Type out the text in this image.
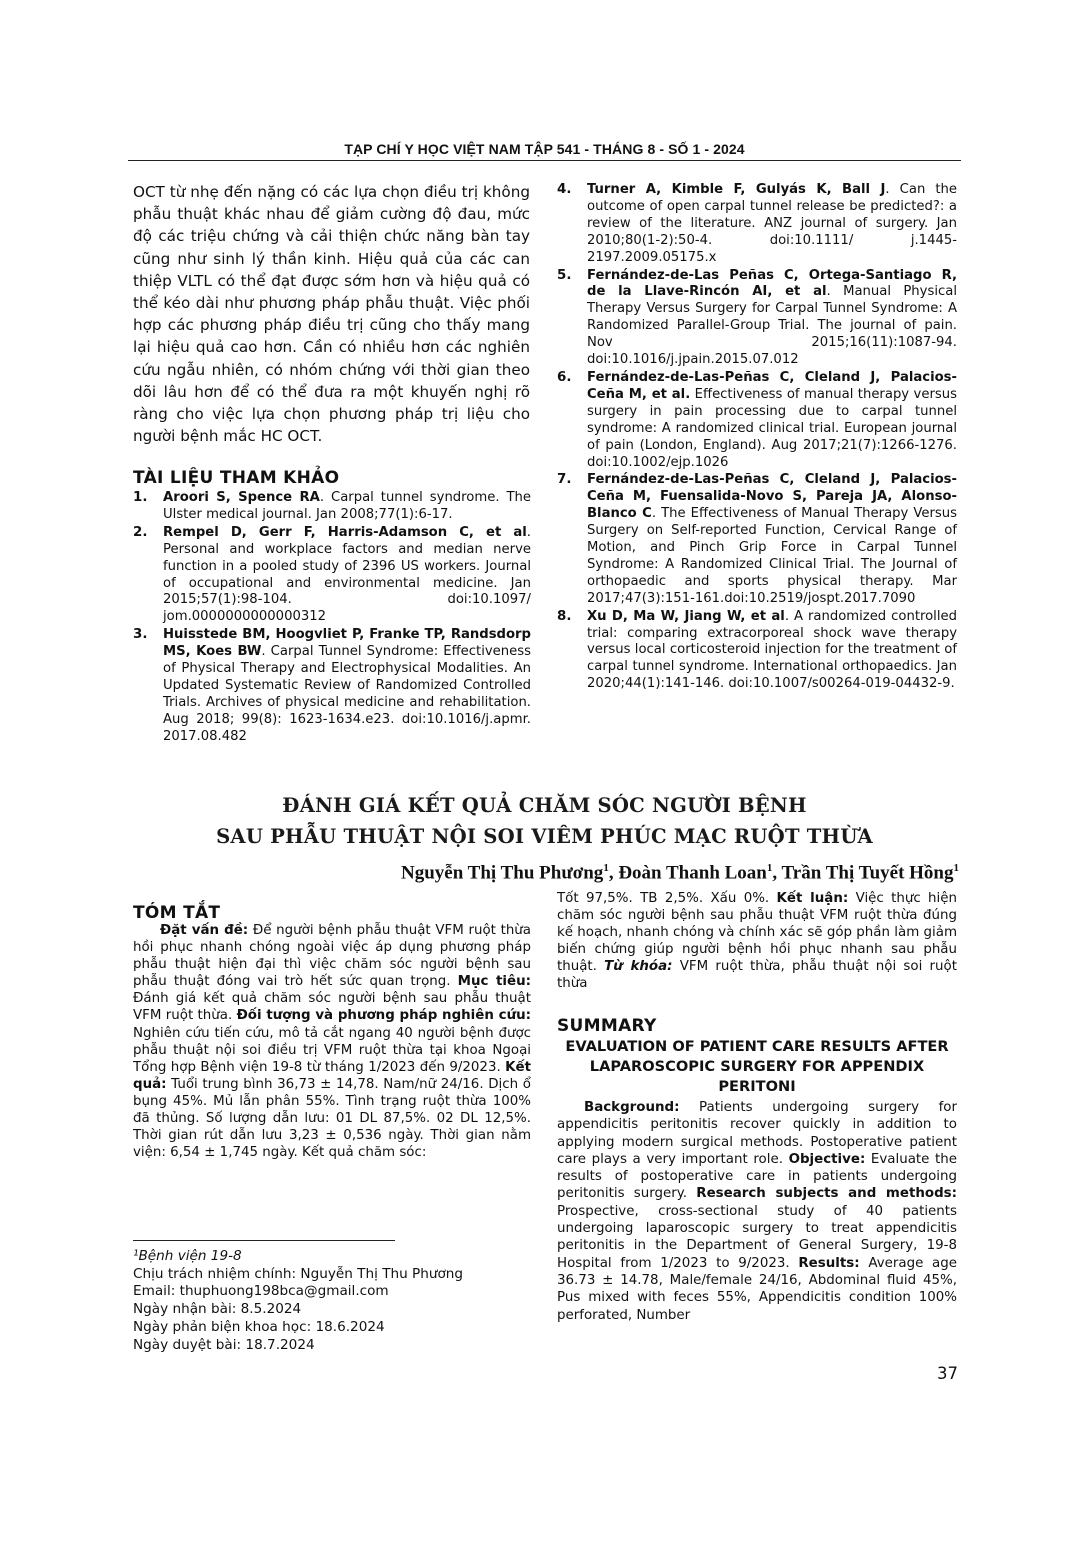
TẠP CHÍ Y HỌC VIỆT NAM TẬP 541 - THÁNG 8 - SỐ 1 - 2024
OCT từ nhẹ đến nặng có các lựa chọn điều trị không phẫu thuật khác nhau để giảm cường độ đau, mức độ các triệu chứng và cải thiện chức năng bàn tay cũng như sinh lý thần kinh. Hiệu quả của các can thiệp VLTL có thể đạt được sớm hơn và hiệu quả có thể kéo dài như phương pháp phẫu thuật. Việc phối hợp các phương pháp điều trị cũng cho thấy mang lại hiệu quả cao hơn. Cần có nhiều hơn các nghiên cứu ngẫu nhiên, có nhóm chứng với thời gian theo dõi lâu hơn để có thể đưa ra một khuyến nghị rõ ràng cho việc lựa chọn phương pháp trị liệu cho người bệnh mắc HC OCT.
TÀI LIỆU THAM KHẢO
1. Aroori S, Spence RA. Carpal tunnel syndrome. The Ulster medical journal. Jan 2008;77(1):6-17.
2. Rempel D, Gerr F, Harris-Adamson C, et al. Personal and workplace factors and median nerve function in a pooled study of 2396 US workers. Journal of occupational and environmental medicine. Jan 2015;57(1):98-104. doi:10.1097/ jom.0000000000000312
3. Huisstede BM, Hoogvliet P, Franke TP, Randsdorp MS, Koes BW. Carpal Tunnel Syndrome: Effectiveness of Physical Therapy and Electrophysical Modalities. An Updated Systematic Review of Randomized Controlled Trials. Archives of physical medicine and rehabilitation. Aug 2018; 99(8): 1623-1634.e23. doi:10.1016/j.apmr. 2017.08.482
4. Turner A, Kimble F, Gulyás K, Ball J. Can the outcome of open carpal tunnel release be predicted?: a review of the literature. ANZ journal of surgery. Jan 2010;80(1-2):50-4. doi:10.1111/ j.1445-2197.2009.05175.x
5. Fernández-de-Las Peñas C, Ortega-Santiago R, de la Llave-Rincón AI, et al. Manual Physical Therapy Versus Surgery for Carpal Tunnel Syndrome: A Randomized Parallel-Group Trial. The journal of pain. Nov 2015;16(11):1087-94. doi:10.1016/j.jpain.2015.07.012
6. Fernández-de-Las-Peñas C, Cleland J, Palacios-Ceña M, et al. Effectiveness of manual therapy versus surgery in pain processing due to carpal tunnel syndrome: A randomized clinical trial. European journal of pain (London, England). Aug 2017;21(7):1266-1276. doi:10.1002/ejp.1026
7. Fernández-de-Las-Peñas C, Cleland J, Palacios-Ceña M, Fuensalida-Novo S, Pareja JA, Alonso-Blanco C. The Effectiveness of Manual Therapy Versus Surgery on Self-reported Function, Cervical Range of Motion, and Pinch Grip Force in Carpal Tunnel Syndrome: A Randomized Clinical Trial. The Journal of orthopaedic and sports physical therapy. Mar 2017;47(3):151-161.doi:10.2519/jospt.2017.7090
8. Xu D, Ma W, Jiang W, et al. A randomized controlled trial: comparing extracorporeal shock wave therapy versus local corticosteroid injection for the treatment of carpal tunnel syndrome. International orthopaedics. Jan 2020;44(1):141-146. doi:10.1007/s00264-019-04432-9.
ĐÁNH GIÁ KẾT QUẢ CHĂM SÓC NGƯỜI BỆNH
SAU PHẪU THUẬT NỘI SOI VIÊM PHÚC MẠC RUỘT THỪA
Nguyễn Thị Thu Phương$^1$, Đoàn Thanh Loan$^1$, Trần Thị Tuyết Hồng$^1$
TÓM TẮT
Đặt vấn đề: Để người bệnh phẫu thuật VFM ruột thừa hồi phục nhanh chóng ngoài việc áp dụng phương pháp phẫu thuật hiện đại thì việc chăm sóc người bệnh sau phẫu thuật đóng vai trò hết sức quan trọng. Mục tiêu: Đánh giá kết quả chăm sóc người bệnh sau phẫu thuật VFM ruột thừa. Đối tượng và phương pháp nghiên cứu: Nghiên cứu tiến cứu, mô tả cắt ngang 40 người bệnh được phẫu thuật nội soi điều trị VFM ruột thừa tại khoa Ngoại Tổng hợp Bệnh viện 19-8 từ tháng 1/2023 đến 9/2023. Kết quả: Tuổi trung bình 36,73 ± 14,78. Nam/nữ 24/16. Dịch ổ bụng 45%. Mủ lẫn phân 55%. Tình trạng ruột thừa 100% đã thủng. Số lượng dẫn lưu: 01 DL 87,5%. 02 DL 12,5%. Thời gian rút dẫn lưu 3,23 ± 0,536 ngày. Thời gian nằm viện: 6,54 ± 1,745 ngày. Kết quả chăm sóc:
Tốt 97,5%. TB 2,5%. Xấu 0%. Kết luận: Việc thực hiện chăm sóc người bệnh sau phẫu thuật VFM ruột thừa đúng kế hoạch, nhanh chóng và chính xác sẽ góp phần làm giảm biến chứng giúp người bệnh hồi phục nhanh sau phẫu thuật. Từ khóa: VFM ruột thừa, phẫu thuật nội soi ruột thừa
SUMMARY
EVALUATION OF PATIENT CARE RESULTS AFTER LAPAROSCOPIC SURGERY FOR APPENDIX PERITONI
Background: Patients undergoing surgery for appendicitis peritonitis recover quickly in addition to applying modern surgical methods. Postoperative patient care plays a very important role. Objective: Evaluate the results of postoperative care in patients undergoing peritonitis surgery. Research subjects and methods: Prospective, cross-sectional study of 40 patients undergoing laparoscopic surgery to treat appendicitis peritonitis in the Department of General Surgery, 19-8 Hospital from 1/2023 to 9/2023. Results: Average age 36.73 ± 14.78, Male/female 24/16, Abdominal fluid 45%, Pus mixed with feces 55%, Appendicitis condition 100% perforated, Number

¹Bệnh viện 19-8

Chịu trách nhiệm chính: Nguyễn Thị Thu Phương

Email: thuphuong198bca@gmail.com

Ngày nhận bài: 8.5.2024

Ngày phản biện khoa học: 18.6.2024

Ngày duyệt bài: 18.7.2024

37
